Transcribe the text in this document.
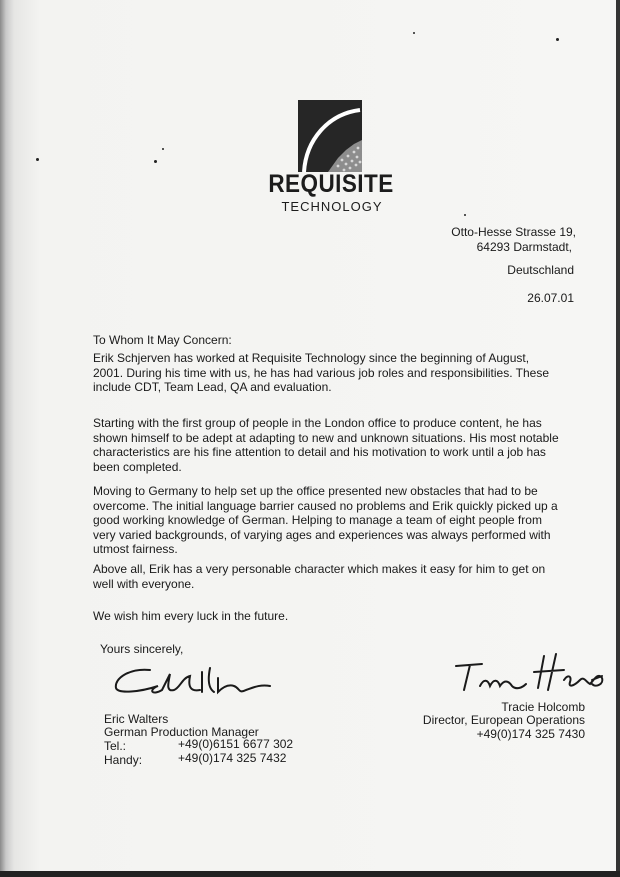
REQUISITE
TECHNOLOGY
Otto-Hesse Strasse 19,
64293 Darmstadt,
Deutschland
26.07.01
To Whom It May Concern:
Erik Schjerven has worked at Requisite Technology since the beginning of August,
2001. During his time with us, he has had various job roles and responsibilities. These
include CDT, Team Lead, QA and evaluation.
Starting with the first group of people in the London office to produce content, he has
shown himself to be adept at adapting to new and unknown situations. His most notable
characteristics are his fine attention to detail and his motivation to work until a job has
been completed.
Moving to Germany to help set up the office presented new obstacles that had to be
overcome. The initial language barrier caused no problems and Erik quickly picked up a
good working knowledge of German. Helping to manage a team of eight people from
very varied backgrounds, of varying ages and experiences was always performed with
utmost fairness.
Above all, Erik has a very personable character which makes it easy for him to get on
well with everyone.
We wish him every luck in the future.
Yours sincerely,
Eric Walters
German Production Manager
Tel.:	+49(0)6151 6677 302
Handy:	+49(0)174 325 7432
Tracie Holcomb
Director, European Operations
+49(0)174 325 7430
